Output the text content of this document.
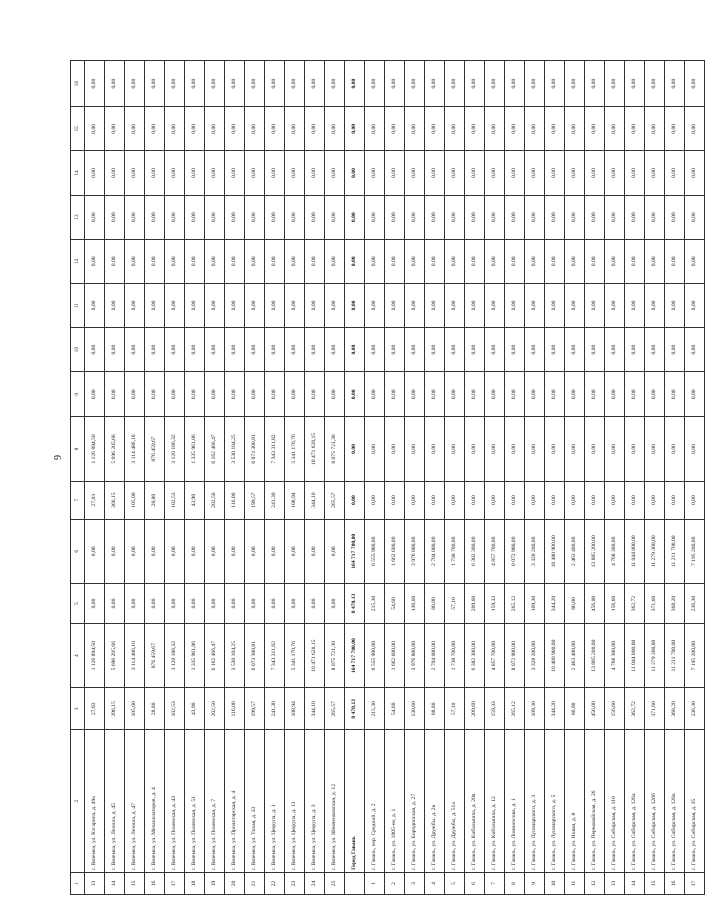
9
1	2	3	4	5	6	7	8	9	10	11	12	13	14	15	16
13	г. Вяземка, ул. Кэгарина, д. 49а	27,03	1 126 894,50	0,00	0,00	27,03	1 126 894,50	0,00	0,00	0,00	0,00	0,00	0,00	0,00	0,00
14	г. Вяземка, ул. Ленина, д. 45	396,15	5 696 205,66	0,00	0,00	366,15	5 696 205,66	0,00	0,00	0,00	0,00	0,00	0,00	0,00	0,00
15	г. Вяземка, ул. Ленина, д. 47	105,00	3 114 486,10	0,00	0,00	105,00	3 114 486,10	0,00	0,00	0,00	0,00	0,00	0,00	0,00	0,00
16	г. Вяземка, ул. Механизаторов, д. 4	28,80	876 459,67	0,00	0,00	28,80	876 459,67	0,00	0,00	0,00	0,00	0,00	0,00	0,00	0,00
17	г. Вяземка, ул. Полевская, д. 43	102,53	3 120 186,32	0,00	0,00	102,53	3 120 186,32	0,00	0,00	0,00	0,00	0,00	0,00	0,00	0,00
18	г. Вяземка, ул. Полевская, д. 51	43,90	1 335 961,86	0,00	0,00	43,90	1 335 961,86	0,00	0,00	0,00	0,00	0,00	0,00	0,00	0,00
19	г. Вяземка, ул. Полевская, д. 7	202,50	6 162 466,47	0,00	0,00	202,50	6 162 466,47	0,00	0,00	0,00	0,00	0,00	0,00	0,00	0,00
20	г. Вяземка, ул. Пролетарская, д. 4	116,00	3 530 104,25	0,00	0,00	116,00	3 530 104,25	0,00	0,00	0,00	0,00	0,00	0,00	0,00	0,00
21	г. Вяземка, ул. Тихая, д. 33	199,57	6 073 300,81	0,00	0,00	199,57	6 073 300,81	0,00	0,00	0,00	0,00	0,00	0,00	0,00	0,00
22	г. Вяземка, ул. Цюрупа, д. 1	241,30	7 343 311,82	0,00	0,00	241,30	7 343 311,82	0,00	0,00	0,00	0,00	0,00	0,00	0,00	0,00
23	г. Вяземка, ул. Цюрупа, д. 13	108,94	5 341 170,76	0,00	0,00	108,94	5 341 170,76	0,00	0,00	0,00	0,00	0,00	0,00	0,00	0,00
24	г. Вяземка, ул. Цюрупа, д. 3	344,10	10 471 628,15	0,00	0,00	344,10	10 471 628,15	0,00	0,00	0,00	0,00	0,00	0,00	0,00	0,00
25	г. Вяземка, ул. Шевченковская, д. 12	265,57	8 075 721,30	0,00	0,00	265,57	8 075 721,30	0,00	0,00	0,00	0,00	0,00	0,00	0,00	0,00
	Город Гавань	8 470,13	164 717 700,00	8 470,13	164 717 700,00	0,00	0,00	0,00	0,00	0,00	0,00	0,00	0,00	0,00	0,00
1	г. Гавань, пер. Средний, д. 2	215,30	6 555 900,00	215,30	6 555 900,00	0,00	0,00	0,00	0,00	0,00	0,00	0,00	0,00	0,00	0,00
2	г. Гавань, ул. 1005-ое, д. 1	54,60	1 662 600,00	54,60	1 662 600,00	0,00	0,00	0,00	0,00	0,00	0,00	0,00	0,00	0,00	0,00
3	г. Гавань, ул. Бородинская, д. 27	130,60	3 976 800,00	130,60	3 976 800,00	0,00	0,00	0,00	0,00	0,00	0,00	0,00	0,00	0,00	0,00
4	г. Гавань, ул. Дружбы, д. 2в	88,80	2 704 000,00	88,80	2 704 000,00	0,00	0,00	0,00	0,00	0,00	0,00	0,00	0,00	0,00	0,00
5	г. Гавань, ул. Дружбы, д. 51а	57,10	1 738 700,00	57,10	1 738 700,00	0,00	0,00	0,00	0,00	0,00	0,00	0,00	0,00	0,00	0,00
6	г. Гавань, ул. Кибальчича, д. 20в	209,60	6 382 300,00	209,60	6 382 300,00	0,00	0,00	0,00	0,00	0,00	0,00	0,00	0,00	0,00	0,00
7	г. Гавань, ул. Кибальчича, д. 12	159,33	4 857 700,00	159,33	4 857 700,00	0,00	0,00	0,00	0,00	0,00	0,00	0,00	0,00	0,00	0,00
8	г. Гавань, ул. Ломоносова, д. 1	265,12	8 072 900,00	265,12	8 072 900,00	0,00	0,00	0,00	0,00	0,00	0,00	0,00	0,00	0,00	0,00
9	г. Гавань, ул. Луначарского, д. 3	109,30	3 328 200,00	109,30	3 328 200,00	0,00	0,00	0,00	0,00	0,00	0,00	0,00	0,00	0,00	0,00
10	г. Гавань, ул. Луначарского, д. 5	344,20	10 480 900,00	344,20	10 480 900,00	0,00	0,00	0,00	0,00	0,00	0,00	0,00	0,00	0,00	0,00
11	г. Гавань, ул. Новая, д. 8	86,00	2 463 400,00	86,00	2 463 400,00	0,00	0,00	0,00	0,00	0,00	0,00	0,00	0,00	0,00	0,00
12	г. Гавань, ул. Первомайская, д. 26	456,00	13 885 200,00	456,00	13 885 200,00	0,00	0,00	0,00	0,00	0,00	0,00	0,00	0,00	0,00	0,00
13	г. Гавань, ул. Сибирская, д. 110	156,60	4 768 300,00	156,60	4 768 300,00	0,00	0,00	0,00	0,00	0,00	0,00	0,00	0,00	0,00	0,00
14	г. Гавань, ул. Сибирская, д. 126а	362,72	11 044 800,00	362,72	11 044 800,00	0,00	0,00	0,00	0,00	0,00	0,00	0,00	0,00	0,00	0,00
15	г. Гавань, ул. Сибирская, д. 126б	371,60	11 279 300,00	371,60	11 279 300,00	0,00	0,00	0,00	0,00	0,00	0,00	0,00	0,00	0,00	0,00
16	г. Гавань, ул. Сибирская, д. 126в	368,20	11 211 700,00	368,20	11 211 700,00	0,00	0,00	0,00	0,00	0,00	0,00	0,00	0,00	0,00	0,00
17	г. Гавань, ул. Сибирская, д. 35	236,30	7 195 200,00	236,30	7 195 200,00	0,00	0,00	0,00	0,00	0,00	0,00	0,00	0,00	0,00	0,00
